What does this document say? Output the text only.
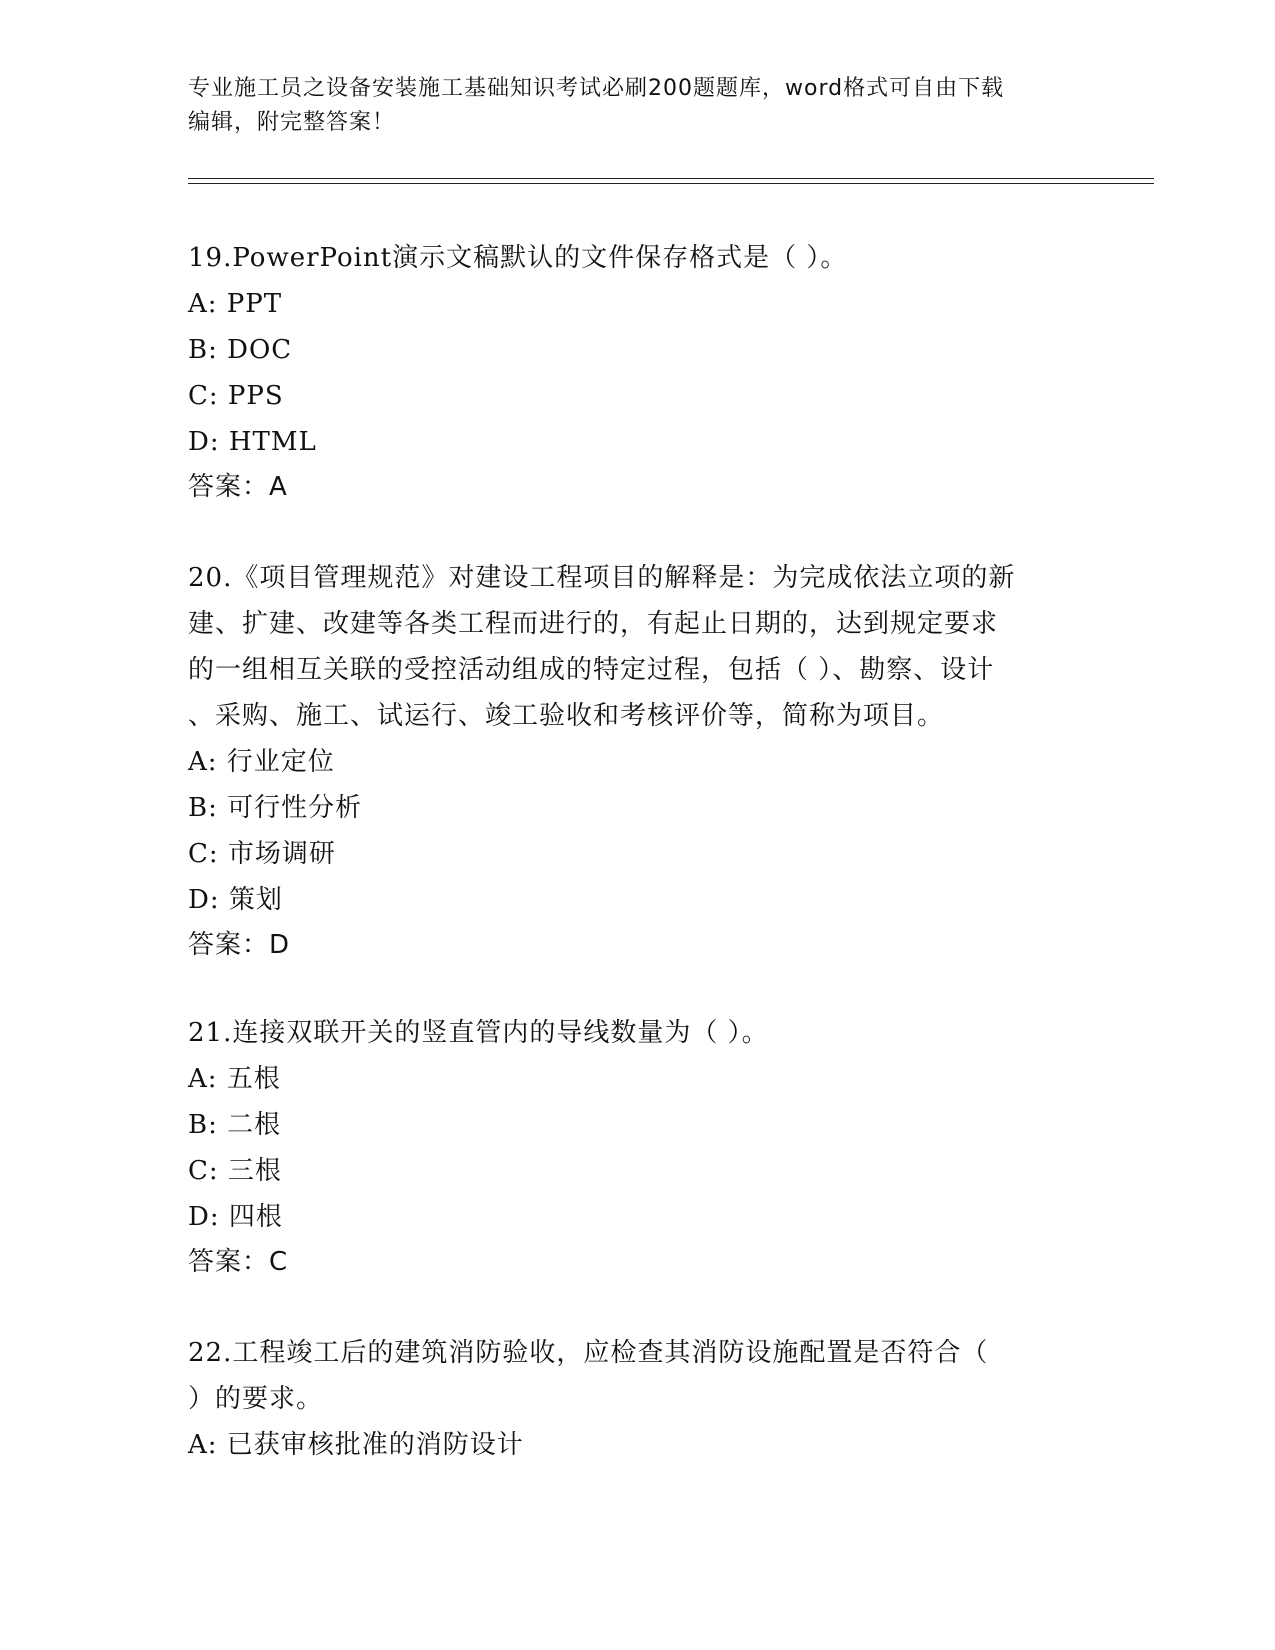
专业施工员之设备安装施工基础知识考试必刷200题题库，word格式可自由下载
编辑，附完整答案！
19.PowerPoint演示文稿默认的文件保存格式是（ ）。
A: PPT
B: DOC
C: PPS
D: HTML
答案：A
20.《项目管理规范》对建设工程项目的解释是：为完成依法立项的新
建、扩建、改建等各类工程而进行的，有起止日期的，达到规定要求
的一组相互关联的受控活动组成的特定过程，包括（ ）、勘察、设计
、采购、施工、试运行、竣工验收和考核评价等，简称为项目。
A: 行业定位
B: 可行性分析
C: 市场调研
D: 策划
答案：D
21.连接双联开关的竖直管内的导线数量为（ ）。
A: 五根
B: 二根
C: 三根
D: 四根
答案：C
22.工程竣工后的建筑消防验收，应检查其消防设施配置是否符合（
）的要求。
A: 已获审核批准的消防设计
